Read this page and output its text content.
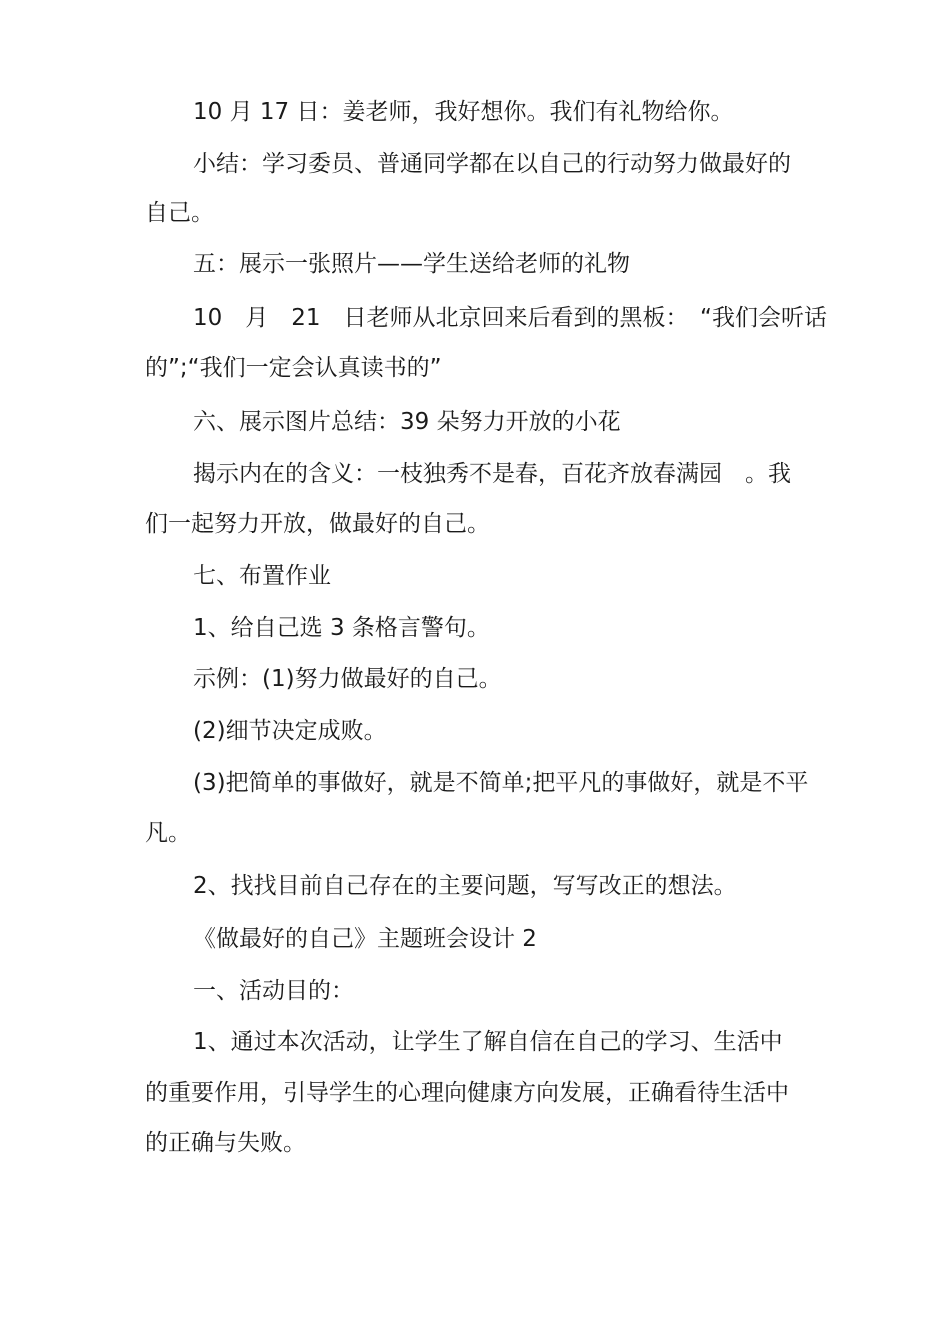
10 月 17 日：姜老师，我好想你。我们有礼物给你。
小结：学习委员、普通同学都在以自己的行动努力做最好的
自己。
五：展示一张照片——学生送给老师的礼物
10　月　21　日老师从北京回来后看到的黑板：　“我们会听话
的”;“我们一定会认真读书的”
六、展示图片总结：39 朵努力开放的小花
揭示内在的含义：一枝独秀不是春，百花齐放春满园　。我
们一起努力开放，做最好的自己。
七、布置作业
1、给自己选 3 条格言警句。
示例：(1)努力做最好的自己。
(2)细节决定成败。
(3)把简单的事做好，就是不简单;把平凡的事做好，就是不平
凡。
2、找找目前自己存在的主要问题，写写改正的想法。
《做最好的自己》主题班会设计 2
一、活动目的：
1、通过本次活动，让学生了解自信在自己的学习、生活中
的重要作用，引导学生的心理向健康方向发展，正确看待生活中
的正确与失败。
